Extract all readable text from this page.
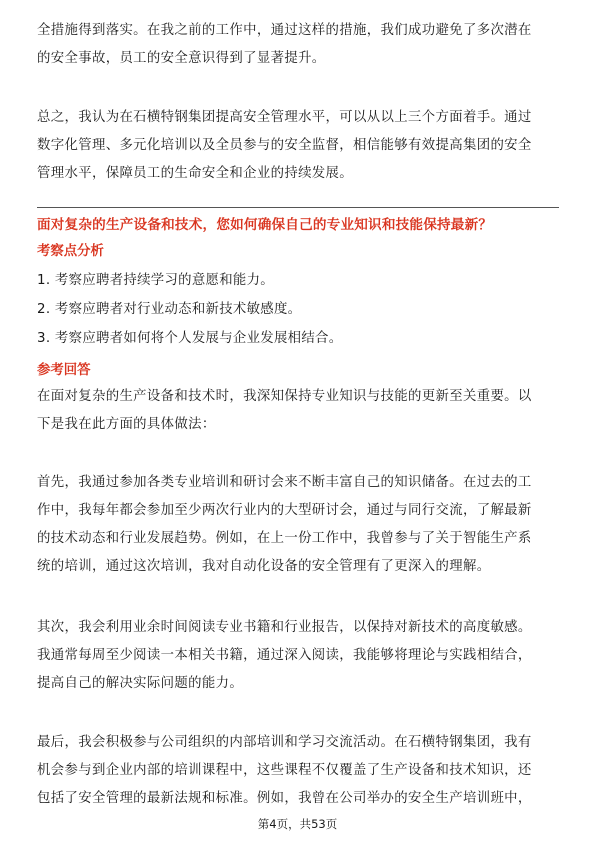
全措施得到落实。在我之前的工作中，通过这样的措施，我们成功避免了多次潜在
的安全事故，员工的安全意识得到了显著提升。
总之，我认为在石横特钢集团提高安全管理水平，可以从以上三个方面着手。通过
数字化管理、多元化培训以及全员参与的安全监督，相信能够有效提高集团的安全
管理水平，保障员工的生命安全和企业的持续发展。

面对复杂的生产设备和技术，您如何确保自己的专业知识和技能保持最新？

考察点分析

1. 考察应聘者持续学习的意愿和能力。
2. 考察应聘者对行业动态和新技术敏感度。
3. 考察应聘者如何将个人发展与企业发展相结合。

参考回答

在面对复杂的生产设备和技术时，我深知保持专业知识与技能的更新至关重要。以
下是我在此方面的具体做法：
首先，我通过参加各类专业培训和研讨会来不断丰富自己的知识储备。在过去的工
作中，我每年都会参加至少两次行业内的大型研讨会，通过与同行交流，了解最新
的技术动态和行业发展趋势。例如，在上一份工作中，我曾参与了关于智能生产系
统的培训，通过这次培训，我对自动化设备的安全管理有了更深入的理解。
其次，我会利用业余时间阅读专业书籍和行业报告，以保持对新技术的高度敏感。
我通常每周至少阅读一本相关书籍，通过深入阅读，我能够将理论与实践相结合，
提高自己的解决实际问题的能力。
最后，我会积极参与公司组织的内部培训和学习交流活动。在石横特钢集团，我有
机会参与到企业内部的培训课程中，这些课程不仅覆盖了生产设备和技术知识，还
包括了安全管理的最新法规和标准。例如，我曾在公司举办的安全生产培训班中，
第4页，共53页
